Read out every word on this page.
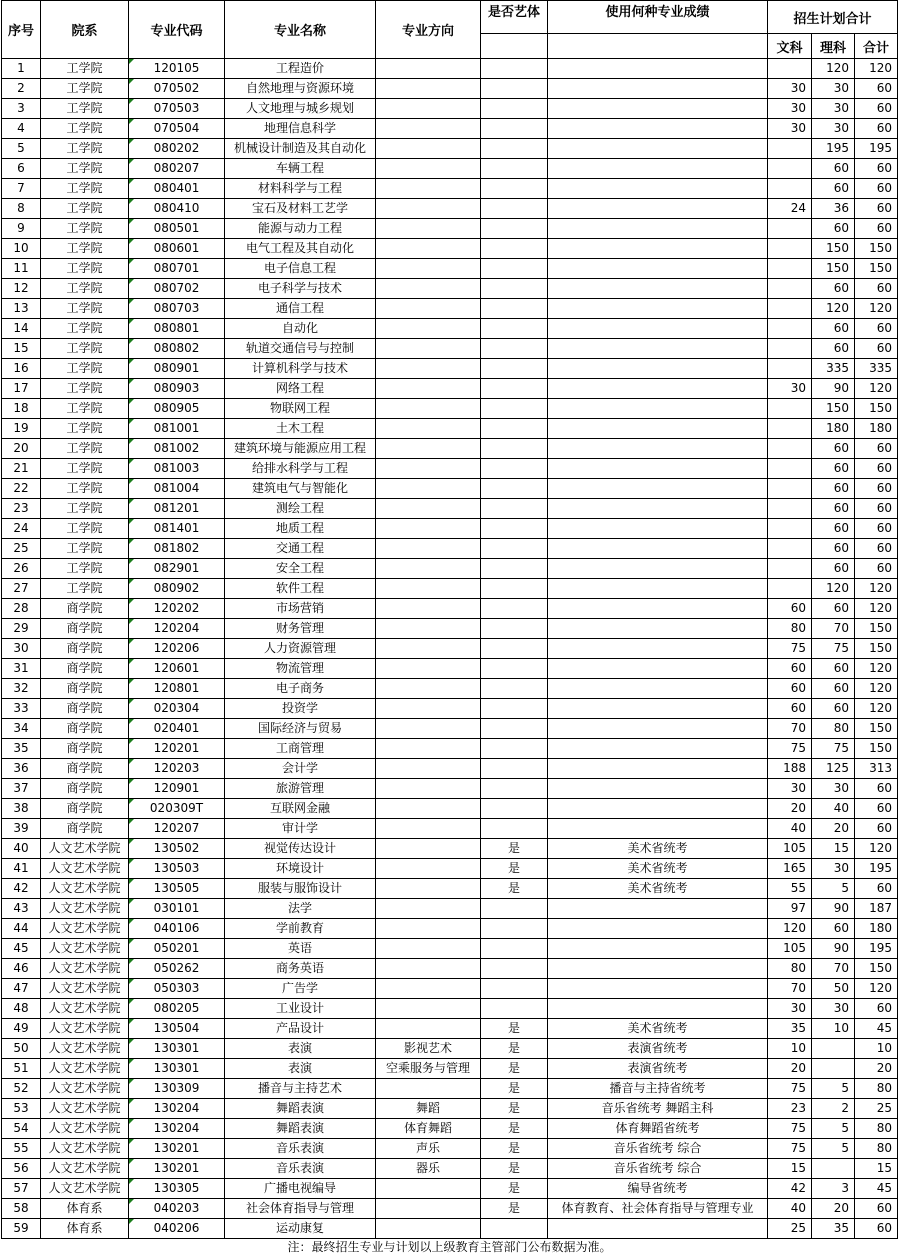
序号	院系	专业代码	专业名称	专业方向	是否艺体	使用何种专业成绩	招生计划合计		
							文科	理科	合计
1	工学院	120105	工程造价					120	120
2	工学院	070502	自然地理与资源环境				30	30	60
3	工学院	070503	人文地理与城乡规划				30	30	60
4	工学院	070504	地理信息科学				30	30	60
5	工学院	080202	机械设计制造及其自动化					195	195
6	工学院	080207	车辆工程					60	60
7	工学院	080401	材料科学与工程					60	60
8	工学院	080410	宝石及材料工艺学				24	36	60
9	工学院	080501	能源与动力工程					60	60
10	工学院	080601	电气工程及其自动化					150	150
11	工学院	080701	电子信息工程					150	150
12	工学院	080702	电子科学与技术					60	60
13	工学院	080703	通信工程					120	120
14	工学院	080801	自动化					60	60
15	工学院	080802	轨道交通信号与控制					60	60
16	工学院	080901	计算机科学与技术					335	335
17	工学院	080903	网络工程				30	90	120
18	工学院	080905	物联网工程					150	150
19	工学院	081001	土木工程					180	180
20	工学院	081002	建筑环境与能源应用工程					60	60
21	工学院	081003	给排水科学与工程					60	60
22	工学院	081004	建筑电气与智能化					60	60
23	工学院	081201	测绘工程					60	60
24	工学院	081401	地质工程					60	60
25	工学院	081802	交通工程					60	60
26	工学院	082901	安全工程					60	60
27	工学院	080902	软件工程					120	120
28	商学院	120202	市场营销				60	60	120
29	商学院	120204	财务管理				80	70	150
30	商学院	120206	人力资源管理				75	75	150
31	商学院	120601	物流管理				60	60	120
32	商学院	120801	电子商务				60	60	120
33	商学院	020304	投资学				60	60	120
34	商学院	020401	国际经济与贸易				70	80	150
35	商学院	120201	工商管理				75	75	150
36	商学院	120203	会计学				188	125	313
37	商学院	120901	旅游管理				30	30	60
38	商学院	020309T	互联网金融				20	40	60
39	商学院	120207	审计学				40	20	60
40	人文艺术学院	130502	视觉传达设计		是	美术省统考	105	15	120
41	人文艺术学院	130503	环境设计		是	美术省统考	165	30	195
42	人文艺术学院	130505	服装与服饰设计		是	美术省统考	55	5	60
43	人文艺术学院	030101	法学				97	90	187
44	人文艺术学院	040106	学前教育				120	60	180
45	人文艺术学院	050201	英语				105	90	195
46	人文艺术学院	050262	商务英语				80	70	150
47	人文艺术学院	050303	广告学				70	50	120
48	人文艺术学院	080205	工业设计				30	30	60
49	人文艺术学院	130504	产品设计		是	美术省统考	35	10	45
50	人文艺术学院	130301	表演	影视艺术	是	表演省统考	10		10
51	人文艺术学院	130301	表演	空乘服务与管理	是	表演省统考	20		20
52	人文艺术学院	130309	播音与主持艺术		是	播音与主持省统考	75	5	80
53	人文艺术学院	130204	舞蹈表演	舞蹈	是	音乐省统考 舞蹈主科	23	2	25
54	人文艺术学院	130204	舞蹈表演	体育舞蹈	是	体育舞蹈省统考	75	5	80
55	人文艺术学院	130201	音乐表演	声乐	是	音乐省统考 综合	75	5	80
56	人文艺术学院	130201	音乐表演	器乐	是	音乐省统考 综合	15		15
57	人文艺术学院	130305	广播电视编导		是	编导省统考	42	3	45
58	体育系	040203	社会体育指导与管理		是	体育教育、社会体育指导与管理专业	40	20	60
59	体育系	040206	运动康复				25	35	60
注：最终招生专业与计划以上级教育主管部门公布数据为准。
